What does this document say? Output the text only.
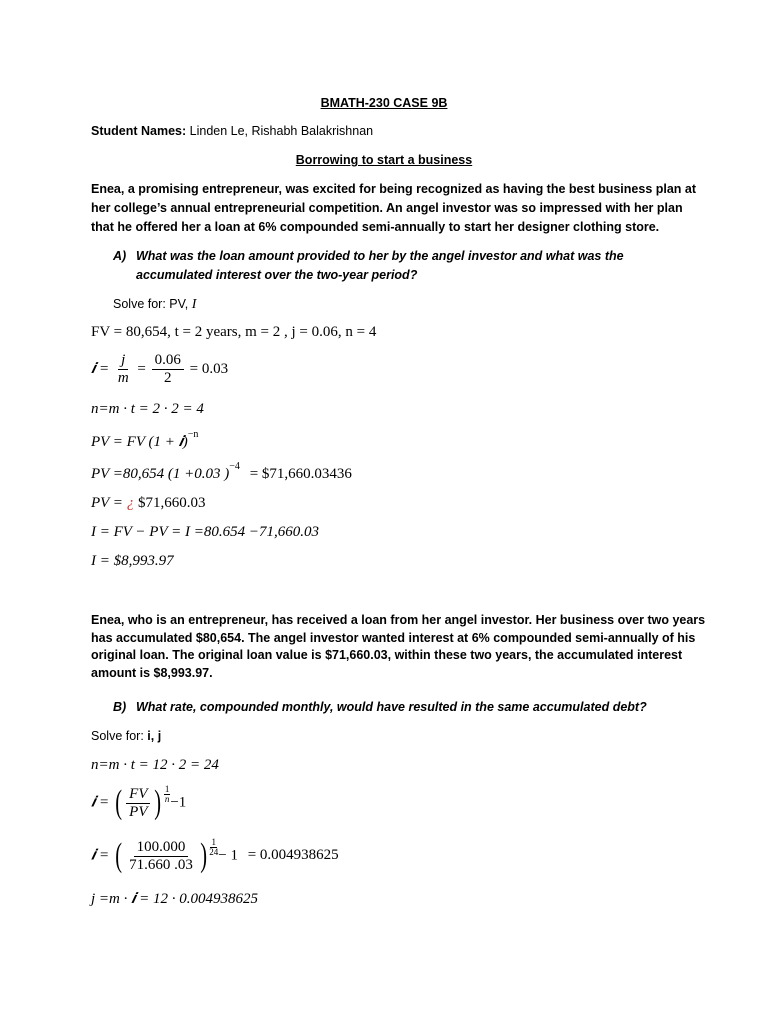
BMATH-230 CASE 9B
Student Names: Linden Le, Rishabh Balakrishnan
Borrowing to start a business
Enea, a promising entrepreneur, was excited for being recognized as having the best business plan at
her college’s annual entrepreneurial competition. An angel investor was so impressed with her plan
that he offered her a loan at 6% compounded semi-annually to start her designer clothing store.
A) What was the loan amount provided to her by the angel investor and what was the
accumulated interest over the two-year period?
Solve for: PV, I
FV = 80,654, t = 2 years, m = 2 , j = 0.06, n = 4
𝒊 = $\frac{j}{m} = \frac{0.06}{2} = 0.03$
n=m · t = 2 · 2 = 4
PV = FV (1 + 𝒊)$^{-n}$
PV =80,654 (1 +0.03 )$^{-4}$ = $71,660.03436
PV = ¿ $71,660.03
I = FV − PV = I =80.654 −71,660.03
I = $8,993.97
Enea, who is an entrepreneur, has received a loan from her angel investor. Her business over two years
has accumulated $80,654. The angel investor wanted interest at 6% compounded semi-annually of his
original loan. The original loan value is $71,660.03, within these two years, the accumulated interest
amount is $8,993.97.
B) What rate, compounded monthly, would have resulted in the same accumulated debt?
Solve for: i, j
n=m · t = 12 · 2 = 24
𝒊 = ( $\frac{FV}{PV}$ ) $\frac{1}{n} -1$
𝒊 = ( $\frac{100.000}{71.660 .03}$ ) $\frac{1}{24} - 1 = 0.004938625$
j =m · 𝒊 = 12 · 0.004938625
